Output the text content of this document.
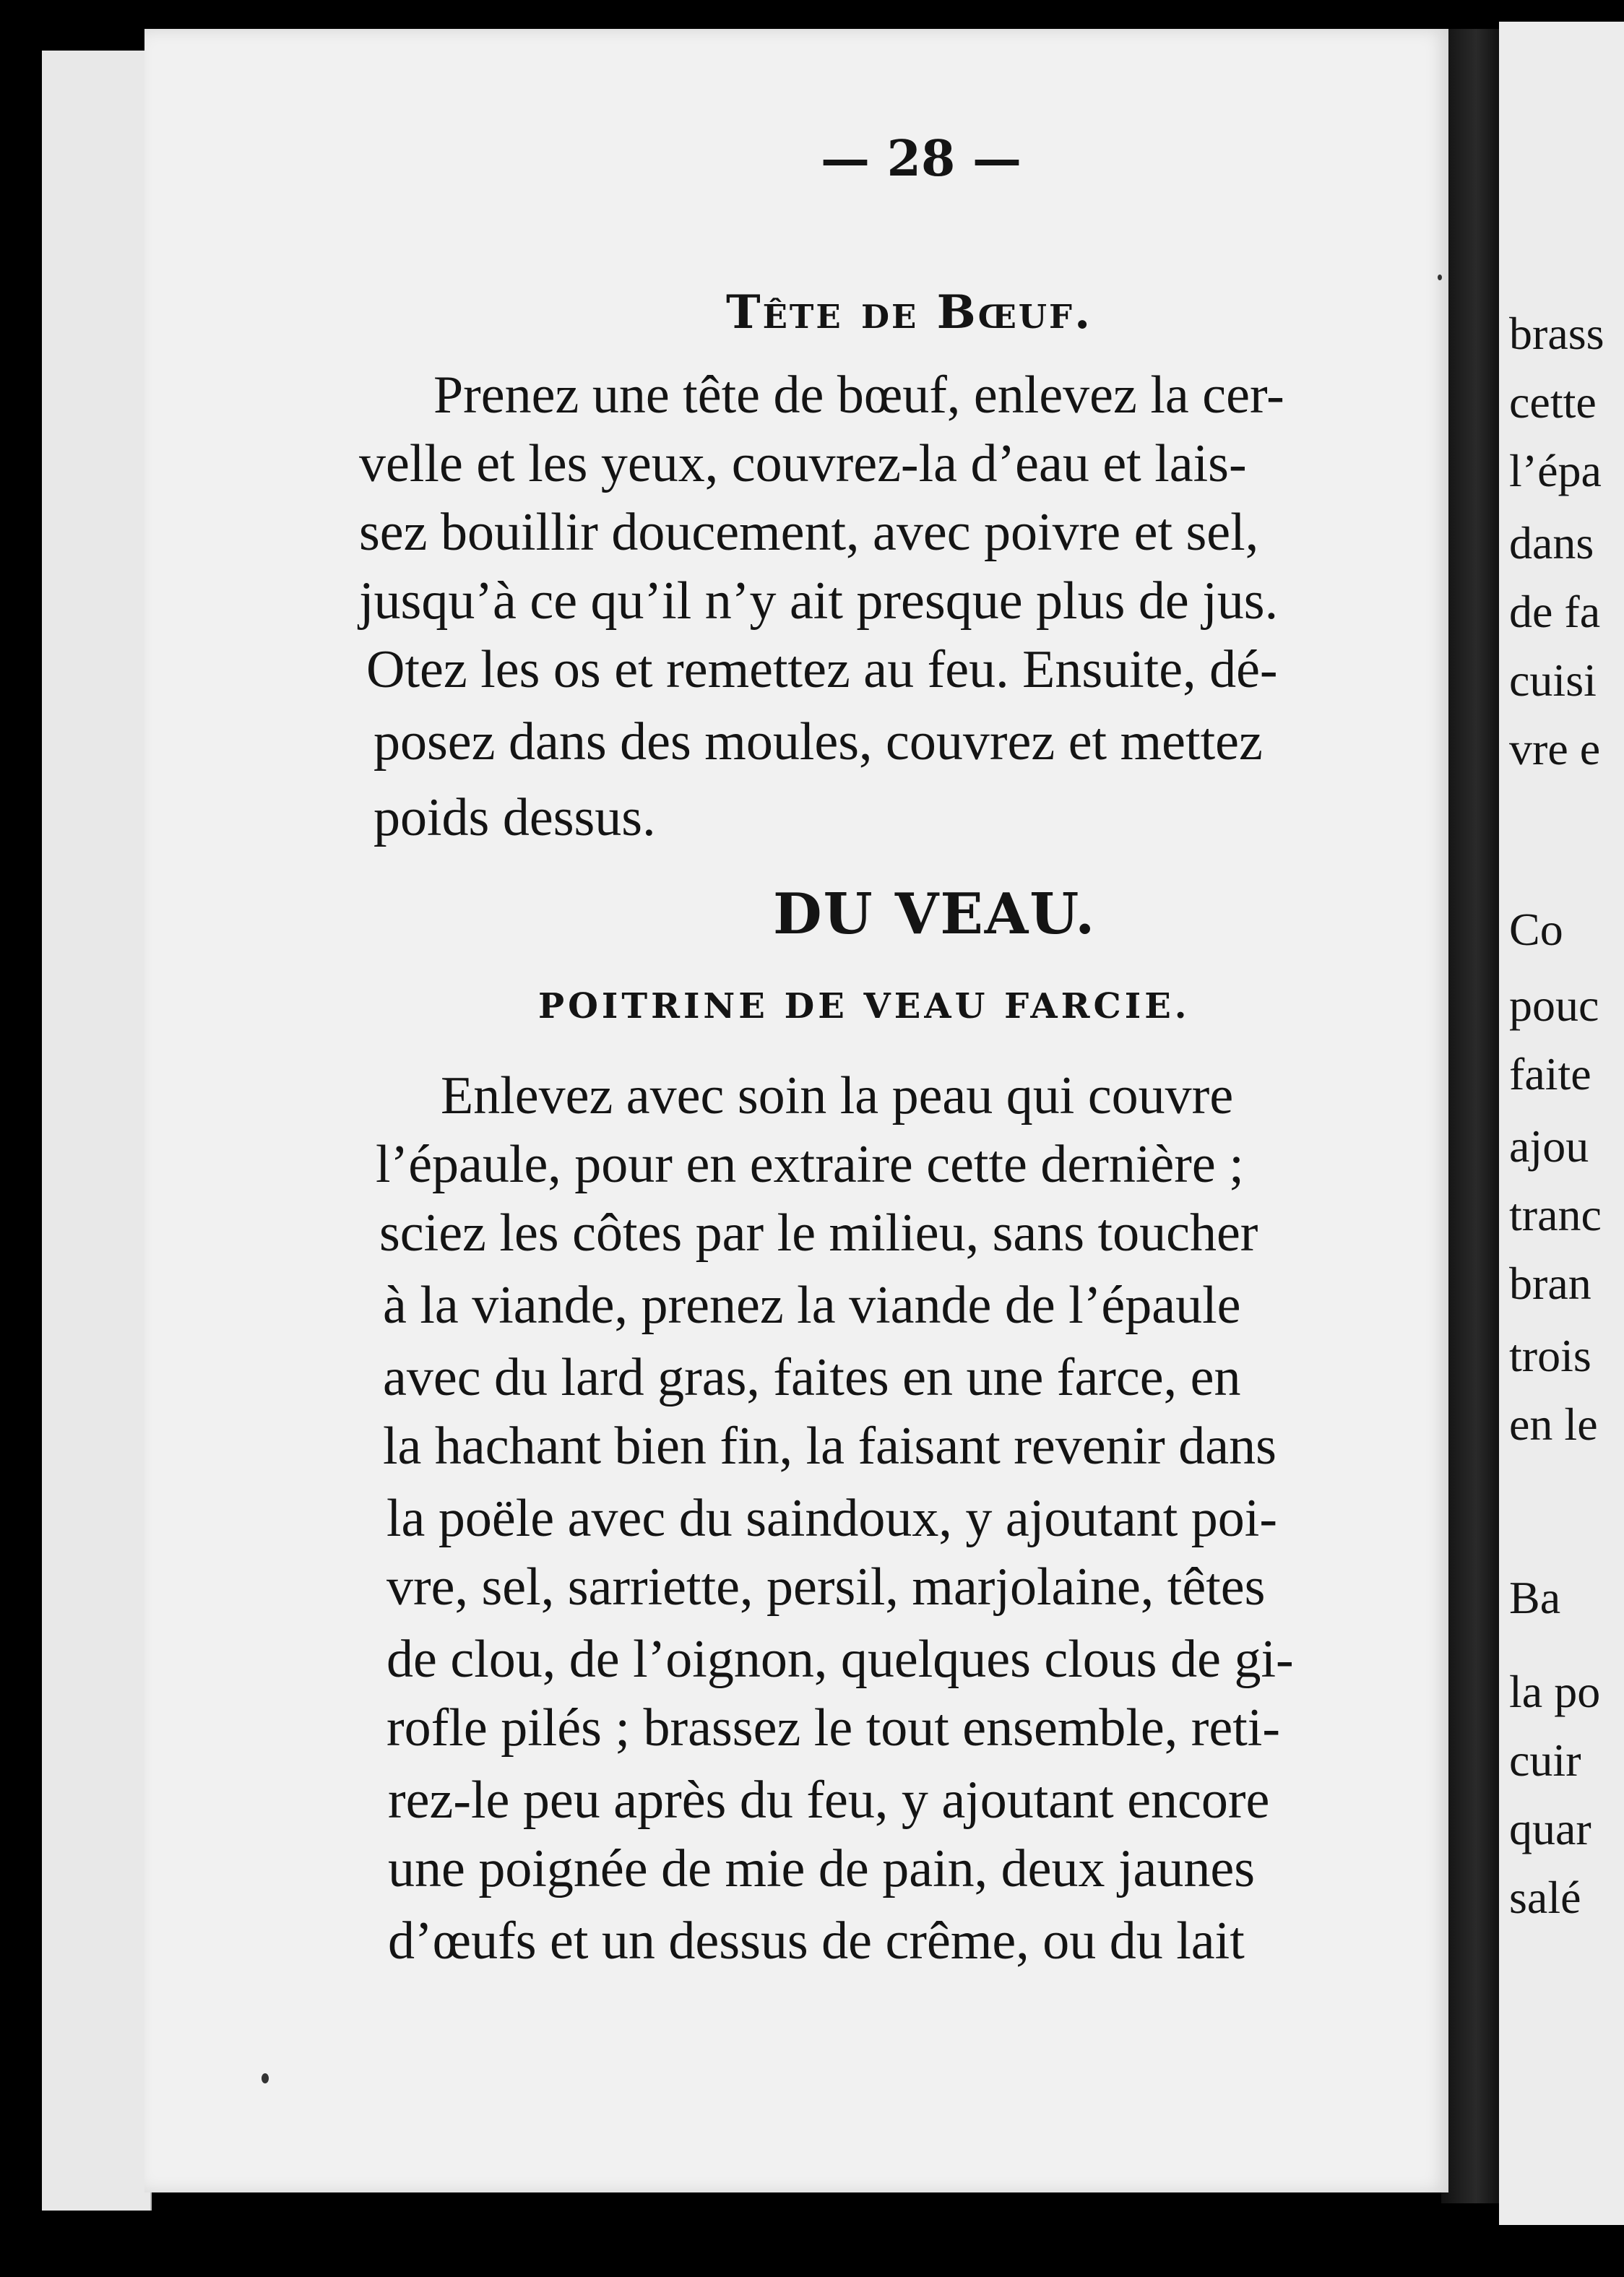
brass
cette
l’épa
dans
de fa
cuisi
vre e
Co
pouc
faite
ajou
tranc
bran
trois
en le
Ba
la po
cuir
quar
salé
— 28 —
Tête de Bœuf.
Prenez une tête de bœuf, enlevez la cer-
velle et les yeux, couvrez-la d’eau et lais-
sez bouillir doucement, avec poivre et sel,
jusqu’à ce qu’il n’y ait presque plus de jus.
Otez les os et remettez au feu. Ensuite, dé-
posez dans des moules, couvrez et mettez
poids dessus.
DU VEAU.
POITRINE DE VEAU FARCIE.
Enlevez avec soin la peau qui couvre
l’épaule, pour en extraire cette dernière ;
sciez les côtes par le milieu, sans toucher
à la viande, prenez la viande de l’épaule
avec du lard gras, faites en une farce, en
la hachant bien fin, la faisant revenir dans
la poële avec du saindoux, y ajoutant poi-
vre, sel, sarriette, persil, marjolaine, têtes
de clou, de l’oignon, quelques clous de gi-
rofle pilés ; brassez le tout ensemble, reti-
rez-le peu après du feu, y ajoutant encore
une poignée de mie de pain, deux jaunes
d’œufs et un dessus de crême, ou du lait
